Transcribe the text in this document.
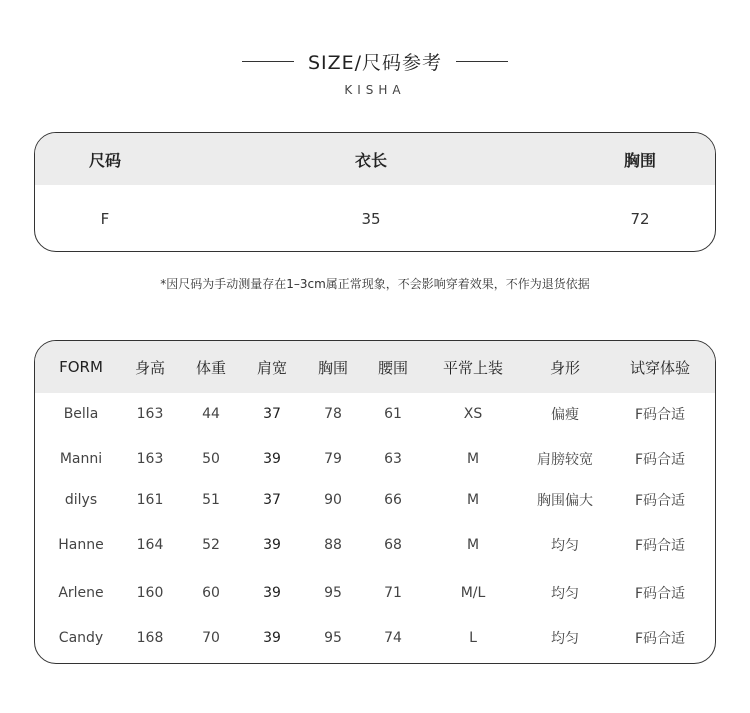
SIZE/尺码参考
KISHA
尺码	衣长	胸围
F	35	72
*因尺码为手动测量存在1–3cm属正常现象，不会影响穿着效果，不作为退货依据
FORM	身高	体重	肩宽	胸围	腰围	平常上装	身形	试穿体验
Bella	163	44	37	78	61	XS	偏瘦	F码合适
Manni	163	50	39	79	63	M	肩膀较宽	F码合适
dilys	161	51	37	90	66	M	胸围偏大	F码合适
Hanne	164	52	39	88	68	M	均匀	F码合适
Arlene	160	60	39	95	71	M/L	均匀	F码合适
Candy	168	70	39	95	74	L	均匀	F码合适
